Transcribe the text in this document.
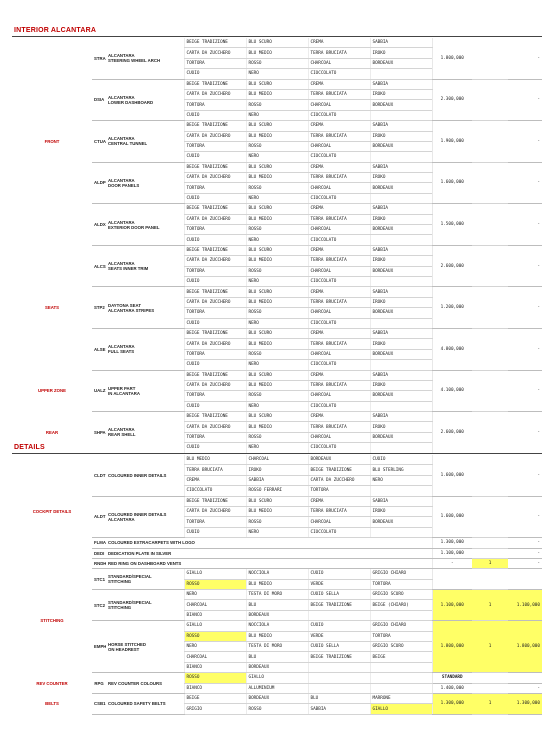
INTERIOR ALCANTARA
FRONT	STRA	ALCANTARA
STEERING WHEEL ARCH	BEIGE TRADIZIONE	BLU SCURO	CREMA	SABBIA	1.800,000		-
			CARTA DA ZUCCHERO	BLU MEDIO	TERRA BRUCIATA	IROKO			
			TORTORA	ROSSO	CHARCOAL	BORDEAUX			
			CUOIO	NERO	CIOCCOLATO				
	DSIA	ALCANTARA
LOWER DASHBOARD	BEIGE TRADIZIONE	BLU SCURO	CREMA	SABBIA	2.300,000		-
			CARTA DA ZUCCHERO	BLU MEDIO	TERRA BRUCIATA	IROKO			
			TORTORA	ROSSO	CHARCOAL	BORDEAUX			
			CUOIO	NERO	CIOCCOLATO				
	CTUA	ALCANTARA
CENTRAL TUNNEL	BEIGE TRADIZIONE	BLU SCURO	CREMA	SABBIA	1.900,000		-
			CARTA DA ZUCCHERO	BLU MEDIO	TERRA BRUCIATA	IROKO			
			TORTORA	ROSSO	CHARCOAL	BORDEAUX			
			CUOIO	NERO	CIOCCOLATO				
	ALDP	ALCANTARA
DOOR PANELS	BEIGE TRADIZIONE	BLU SCURO	CREMA	SABBIA	1.600,000		-
			CARTA DA ZUCCHERO	BLU MEDIO	TERRA BRUCIATA	IROKO			
			TORTORA	ROSSO	CHARCOAL	BORDEAUX			
			CUOIO	NERO	CIOCCOLATO				
	ALDX	ALCANTARA
EXTERIOR DOOR PANEL	BEIGE TRADIZIONE	BLU SCURO	CREMA	SABBIA	1.500,000		-
			CARTA DA ZUCCHERO	BLU MEDIO	TERRA BRUCIATA	IROKO			
			TORTORA	ROSSO	CHARCOAL	BORDEAUX			
			CUOIO	NERO	CIOCCOLATO				
SEATS	ALCS	ALCANTARA
SEATS INNER TRIM	BEIGE TRADIZIONE	BLU SCURO	CREMA	SABBIA	2.600,000		-
			CARTA DA ZUCCHERO	BLU MEDIO	TERRA BRUCIATA	IROKO			
			TORTORA	ROSSO	CHARCOAL	BORDEAUX			
			CUOIO	NERO	CIOCCOLATO				
	STP2	DAYTONA SEAT
ALCANTARA STRIPES	BEIGE TRADIZIONE	BLU SCURO	CREMA	SABBIA	1.200,000		-
			CARTA DA ZUCCHERO	BLU MEDIO	TERRA BRUCIATA	IROKO			
			TORTORA	ROSSO	CHARCOAL	BORDEAUX			
			CUOIO	NERO	CIOCCOLATO				
	ALSE	ALCANTARA
FULL SEATS	BEIGE TRADIZIONE	BLU SCURO	CREMA	SABBIA	4.800,000		-
			CARTA DA ZUCCHERO	BLU MEDIO	TERRA BRUCIATA	IROKO			
			TORTORA	ROSSO	CHARCOAL	BORDEAUX			
			CUOIO	NERO	CIOCCOLATO				
UPPER ZONE	UALZ	UPPER PART
IN ALCANTARA	BEIGE TRADIZIONE	BLU SCURO	CREMA	SABBIA	4.100,000		-
			CARTA DA ZUCCHERO	BLU MEDIO	TERRA BRUCIATA	IROKO			
			TORTORA	ROSSO	CHARCOAL	BORDEAUX			
			CUOIO	NERO	CIOCCOLATO				
REAR	SHPA	ALCANTARA
REAR SHELL	BEIGE TRADIZIONE	BLU SCURO	CREMA	SABBIA	2.600,000		-
			CARTA DA ZUCCHERO	BLU MEDIO	TERRA BRUCIATA	IROKO			
			TORTORA	ROSSO	CHARCOAL	BORDEAUX			
			CUOIO	NERO	CIOCCOLATO				
DETAILS
COCKPIT DETAILS	CLDT	COLOURED INNER DETAILS	BLU MEDIO	CHARCOAL	BORDEAUX	CUOIO	1.600,000		-
			TERRA BRUCIATA	IROKO	BEIGE TRADIZIONE	BLU STERLING			
			CREMA	SABBIA	CARTA DA ZUCCHERO	NERO			
			CIOCCOLATO	ROSSO FERRARI	TORTORA				
	ALDT	COLOURED INNER DETAILS
ALCANTARA	BEIGE TRADIZIONE	BLU SCURO	CREMA	SABBIA	1.600,000		-
			CARTA DA ZUCCHERO	BLU MEDIO	TERRA BRUCIATA	IROKO			
			TORTORA	ROSSO	CHARCOAL	BORDEAUX			
			CUOIO	NERO	CIOCCOLATO				
	FLMA	COLOURED EXTRACARPETS WITH LOGO					1.300,000		-
	DEDI	DEDICATION PLATE IN SILVER					1.100,000		-
	RNDH	RED RING ON DASHBOARD VENTS					-	1	-
STITCHING	STC1	STANDARD/SPECIAL
STITCHING	GIALLO	NOCCIOLA	CUOIO	GRIGIO CHIARO			
			ROSSO	BLU MEDIO	VERDE	TORTORA			
	STC2	STANDARD/SPECIAL
STITCHING	NERO	TESTA DI MORO	CUOIO SELLA	GRIGIO SCURO	1.100,000	1	1.100,000
			CHARCOAL	BLU	BEIGE TRADIZIONE	BEIGE (CHIARO)			
			BIANCO	BORDEAUX					
	EMPH	HORSE STITCHED
ON HEADREST	GIALLO	NOCCIOLA	CUOIO	GRIGIO CHIARO	1.800,000	1	1.800,000
			ROSSO	BLU MEDIO	VERDE	TORTORA			
			NERO	TESTA DI MORO	CUOIO SELLA	GRIGIO SCURO			
			CHARCOAL	BLU	BEIGE TRADIZIONE	BEIGE			
			BIANCO	BORDEAUX					
REV COUNTER	RPG	REV COUNTER COLOURS	ROSSO	GIALLO			STANDARD		
			BIANCO	ALLUMINIUM			1.400,000		-
BELTS	CSB1	COLOURED SAFETY BELTS	BEIGE	BORDEAUX	BLU	MARRONE	1.300,000	1	1.300,000
			GRIGIO	ROSSO	SABBIA	GIALLO			
